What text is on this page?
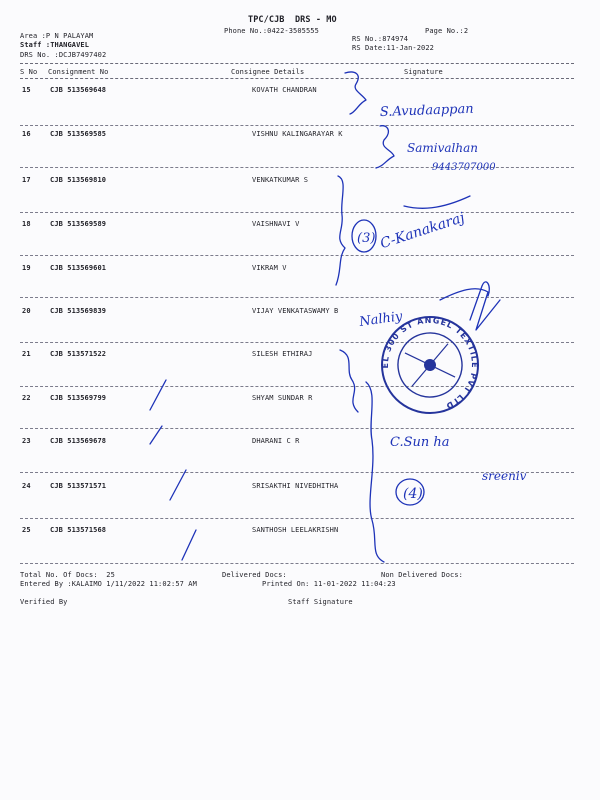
TPC/CJB  DRS - MO
Phone No.:0422-3505555	Page No.:2
Area :P N PALAYAM
Staff :THANGAVEL
DRS No. :DCJB7497402
RS No.:874974
RS Date:11-Jan-2022
S No Consignment No	Consignee Details	Signature
15	CJB 513569648	KOVATH CHANDRAN
16	CJB 513569585	VISHNU KALINGARAYAR K
17	CJB 513569810	VENKATKUMAR S
18	CJB 513569589	VAISHNAVI V
19	CJB 513569601	VIKRAM V
20	CJB 513569839	VIJAY VENKATASWAMY B
21	CJB 513571522	SILESH ETHIRAJ
22	CJB 513569799	SHYAM SUNDAR R
23	CJB 513569678	DHARANI C R
24	CJB 513571571	SRISAKTHI NIVEDHITHA
25	CJB 513571568	SANTHOSH LEELAKRISHN
Total No. Of Docs:  25	Delivered Docs:	Non Delivered Docs:
Entered By :KALAIMO 1/11/2022 11:02:57 AM	Printed On: 11-01-2022 11:04:23
Verified By	Staff Signature
EL 300 ST ANGEL TEXTILE PVT LTD
S.Avudaappan
Samivalhan
9443707000
(3) C-Kanakaraj
Nalhiy
C.Sun ha
(4)
sreeniv
